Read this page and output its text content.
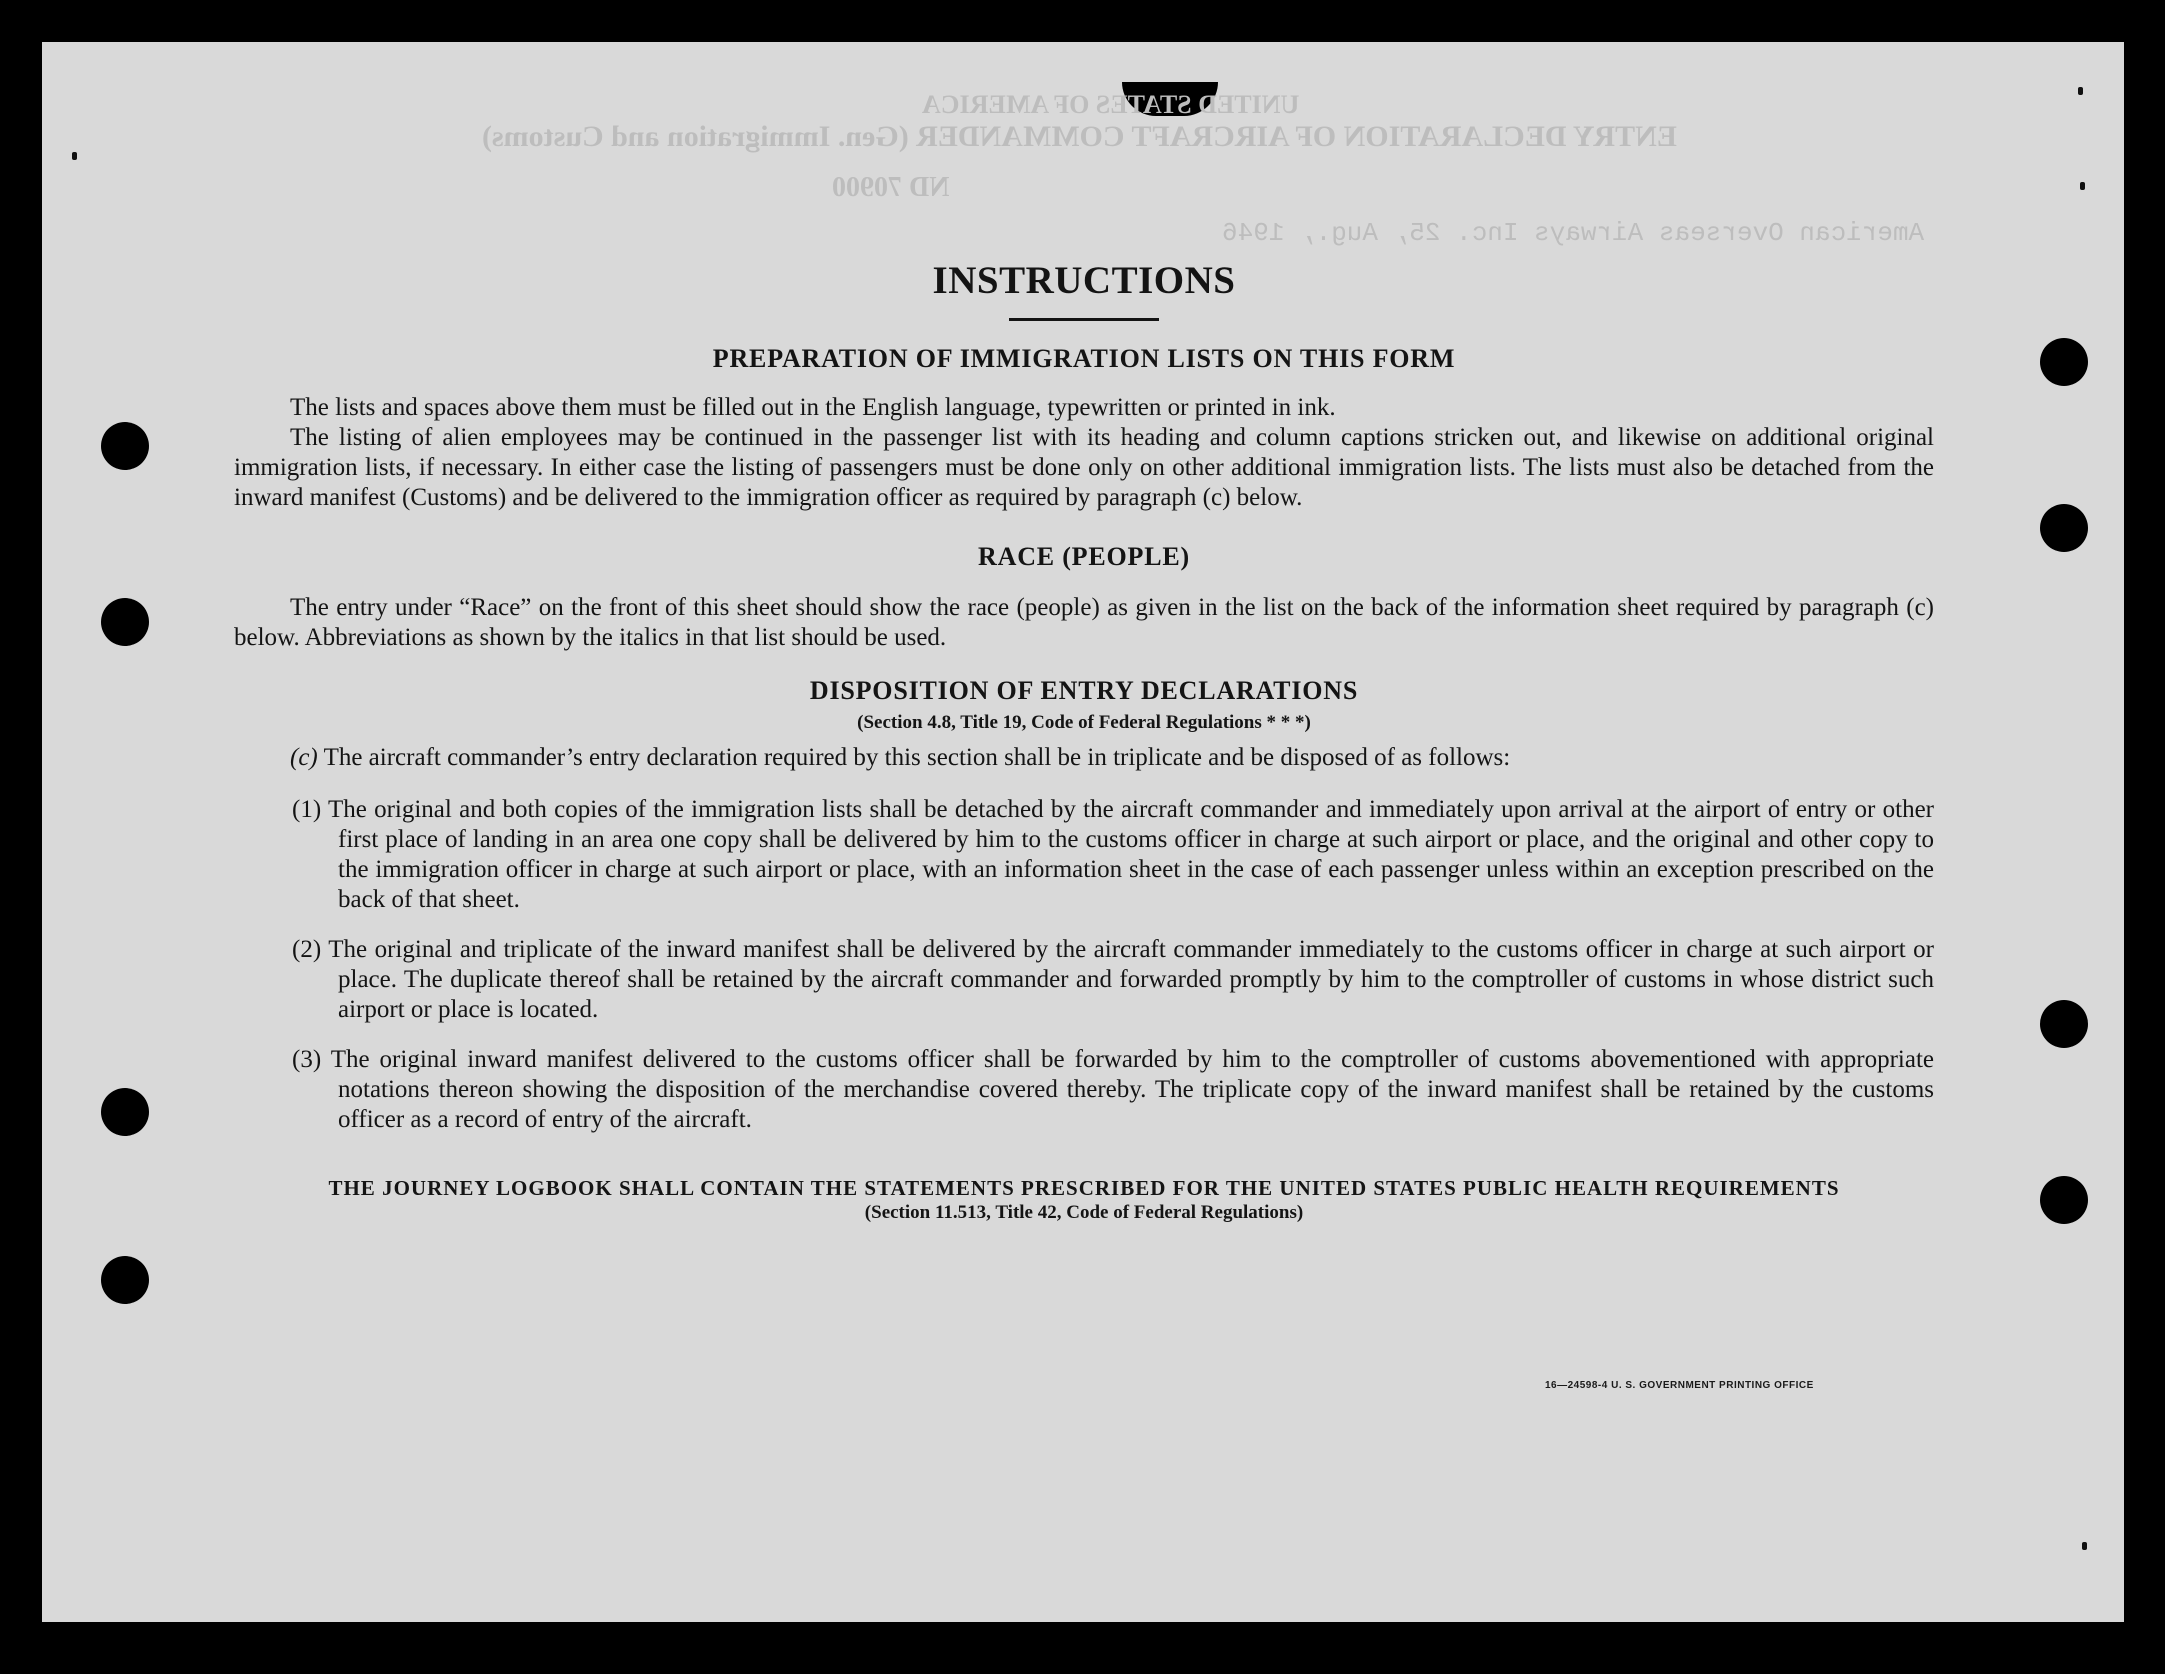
UNITED STATES OF AMERICA
ENTRY DECLARATION OF AIRCRAFT COMMANDER (Gen. Immigration and Customs)
ND 70900
American Overseas Airways Inc. 25, Aug., 1946
INSTRUCTIONS
PREPARATION OF IMMIGRATION LISTS ON THIS FORM

The lists and spaces above them must be filled out in the English language, typewritten or printed in ink.

The listing of alien employees may be continued in the passenger list with its heading and column captions stricken out, and likewise on additional original immigration lists, if necessary. In either case the listing of passengers must be done only on other additional immigration lists. The lists must also be detached from the inward manifest (Customs) and be delivered to the immigration officer as required by paragraph (c) below.

RACE (PEOPLE)

The entry under “Race” on the front of this sheet should show the race (people) as given in the list on the back of the information sheet required by paragraph (c) below. Abbreviations as shown by the italics in that list should be used.

DISPOSITION OF ENTRY DECLARATIONS
(Section 4.8, Title 19, Code of Federal Regulations * * *)

(c) The aircraft commander’s entry declaration required by this section shall be in triplicate and be disposed of as follows:

(1) The original and both copies of the immigration lists shall be detached by the aircraft commander and immediately upon arrival at the airport of entry or other first place of landing in an area one copy shall be delivered by him to the customs officer in charge at such airport or place, and the original and other copy to the immigration officer in charge at such airport or place, with an information sheet in the case of each passenger unless within an exception prescribed on the back of that sheet.

(2) The original and triplicate of the inward manifest shall be delivered by the aircraft commander immediately to the customs officer in charge at such airport or place. The duplicate thereof shall be retained by the aircraft commander and forwarded promptly by him to the comptroller of customs in whose district such airport or place is located.

(3) The original inward manifest delivered to the customs officer shall be forwarded by him to the comptroller of customs abovementioned with appropriate notations thereon showing the disposition of the merchandise covered thereby. The triplicate copy of the inward manifest shall be retained by the customs officer as a record of entry of the aircraft.

THE JOURNEY LOGBOOK SHALL CONTAIN THE STATEMENTS PRESCRIBED FOR THE UNITED STATES PUBLIC HEALTH REQUIREMENTS
(Section 11.513, Title 42, Code of Federal Regulations)
16—24598-4 U. S. GOVERNMENT PRINTING OFFICE
